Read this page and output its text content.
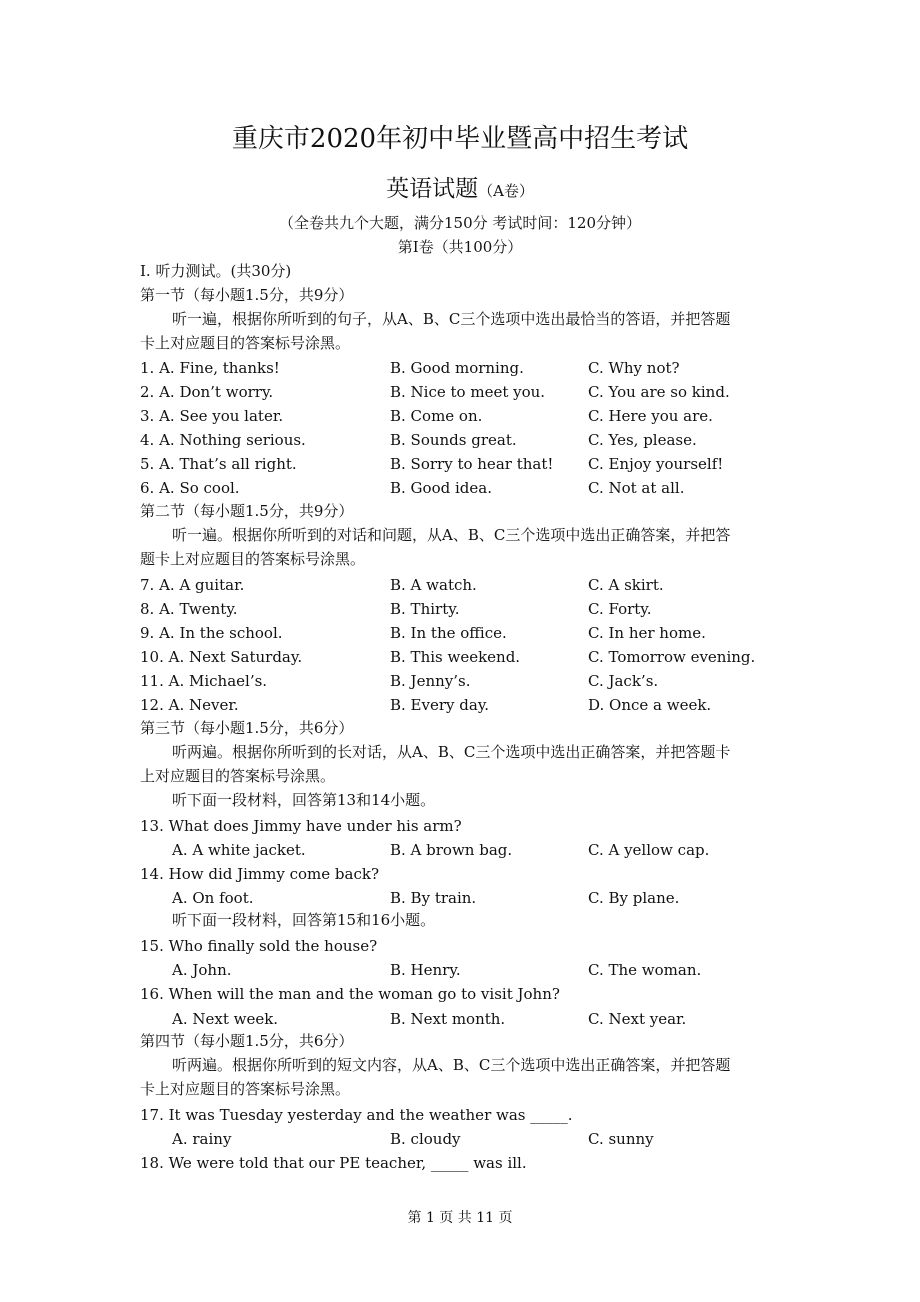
重庆市2020年初中毕业暨高中招生考试
英语试题（A卷）
（全卷共九个大题，满分150分 考试时间：120分钟）
第I卷（共100分）
I. 听力测试。(共30分)
第一节（每小题1.5分，共9分）
听一遍，根据你所听到的句子，从A、B、C三个选项中选出最恰当的答语，并把答题
卡上对应题目的答案标号涂黑。
1. A. Fine, thanks!	B. Good morning.	C. Why not?
2. A. Don’t worry.	B. Nice to meet you.	C. You are so kind.
3. A. See you later.	B. Come on.	C. Here you are.
4. A. Nothing serious.	B. Sounds great.	C. Yes, please.
5. A. That’s all right.	B. Sorry to hear that! C. Enjoy yourself!
6. A. So cool.	B. Good idea.	C. Not at all.
第二节（每小题1.5分，共9分）
听一遍。根据你所听到的对话和问题，从A、B、C三个选项中选出正确答案，并把答
题卡上对应题目的答案标号涂黑。
7. A. A guitar.	B. A watch.	C. A skirt.
8. A. Twenty.	B. Thirty.	C. Forty.
9. A. In the school.	B. In the office.	C. In her home.
10. A. Next Saturday.	B. This weekend.	C. Tomorrow evening.
11. A. Michael’s.	B. Jenny’s.	C. Jack’s.
12. A. Never.	B. Every day.	D. Once a week.
第三节（每小题1.5分，共6分）
听两遍。根据你所听到的长对话，从A、B、C三个选项中选出正确答案，并把答题卡
上对应题目的答案标号涂黑。
听下面一段材料，回答第13和14小题。
13. What does Jimmy have under his arm?
A. A white jacket.	B. A brown bag.	C. A yellow cap.
14. How did Jimmy come back?
A. On foot.	B. By train.	C. By plane.
听下面一段材料，回答第15和16小题。
15. Who finally sold the house?
A. John.	B. Henry.	C. The woman.
16. When will the man and the woman go to visit John?
A. Next week.	B. Next month.	C. Next year.
第四节（每小题1.5分，共6分）
听两遍。根据你所听到的短文内容，从A、B、C三个选项中选出正确答案，并把答题
卡上对应题目的答案标号涂黑。
17. It was Tuesday yesterday and the weather was _____.
A. rainy	B. cloudy	C. sunny
18. We were told that our PE teacher, _____ was ill.
第 1 页 共 11 页
